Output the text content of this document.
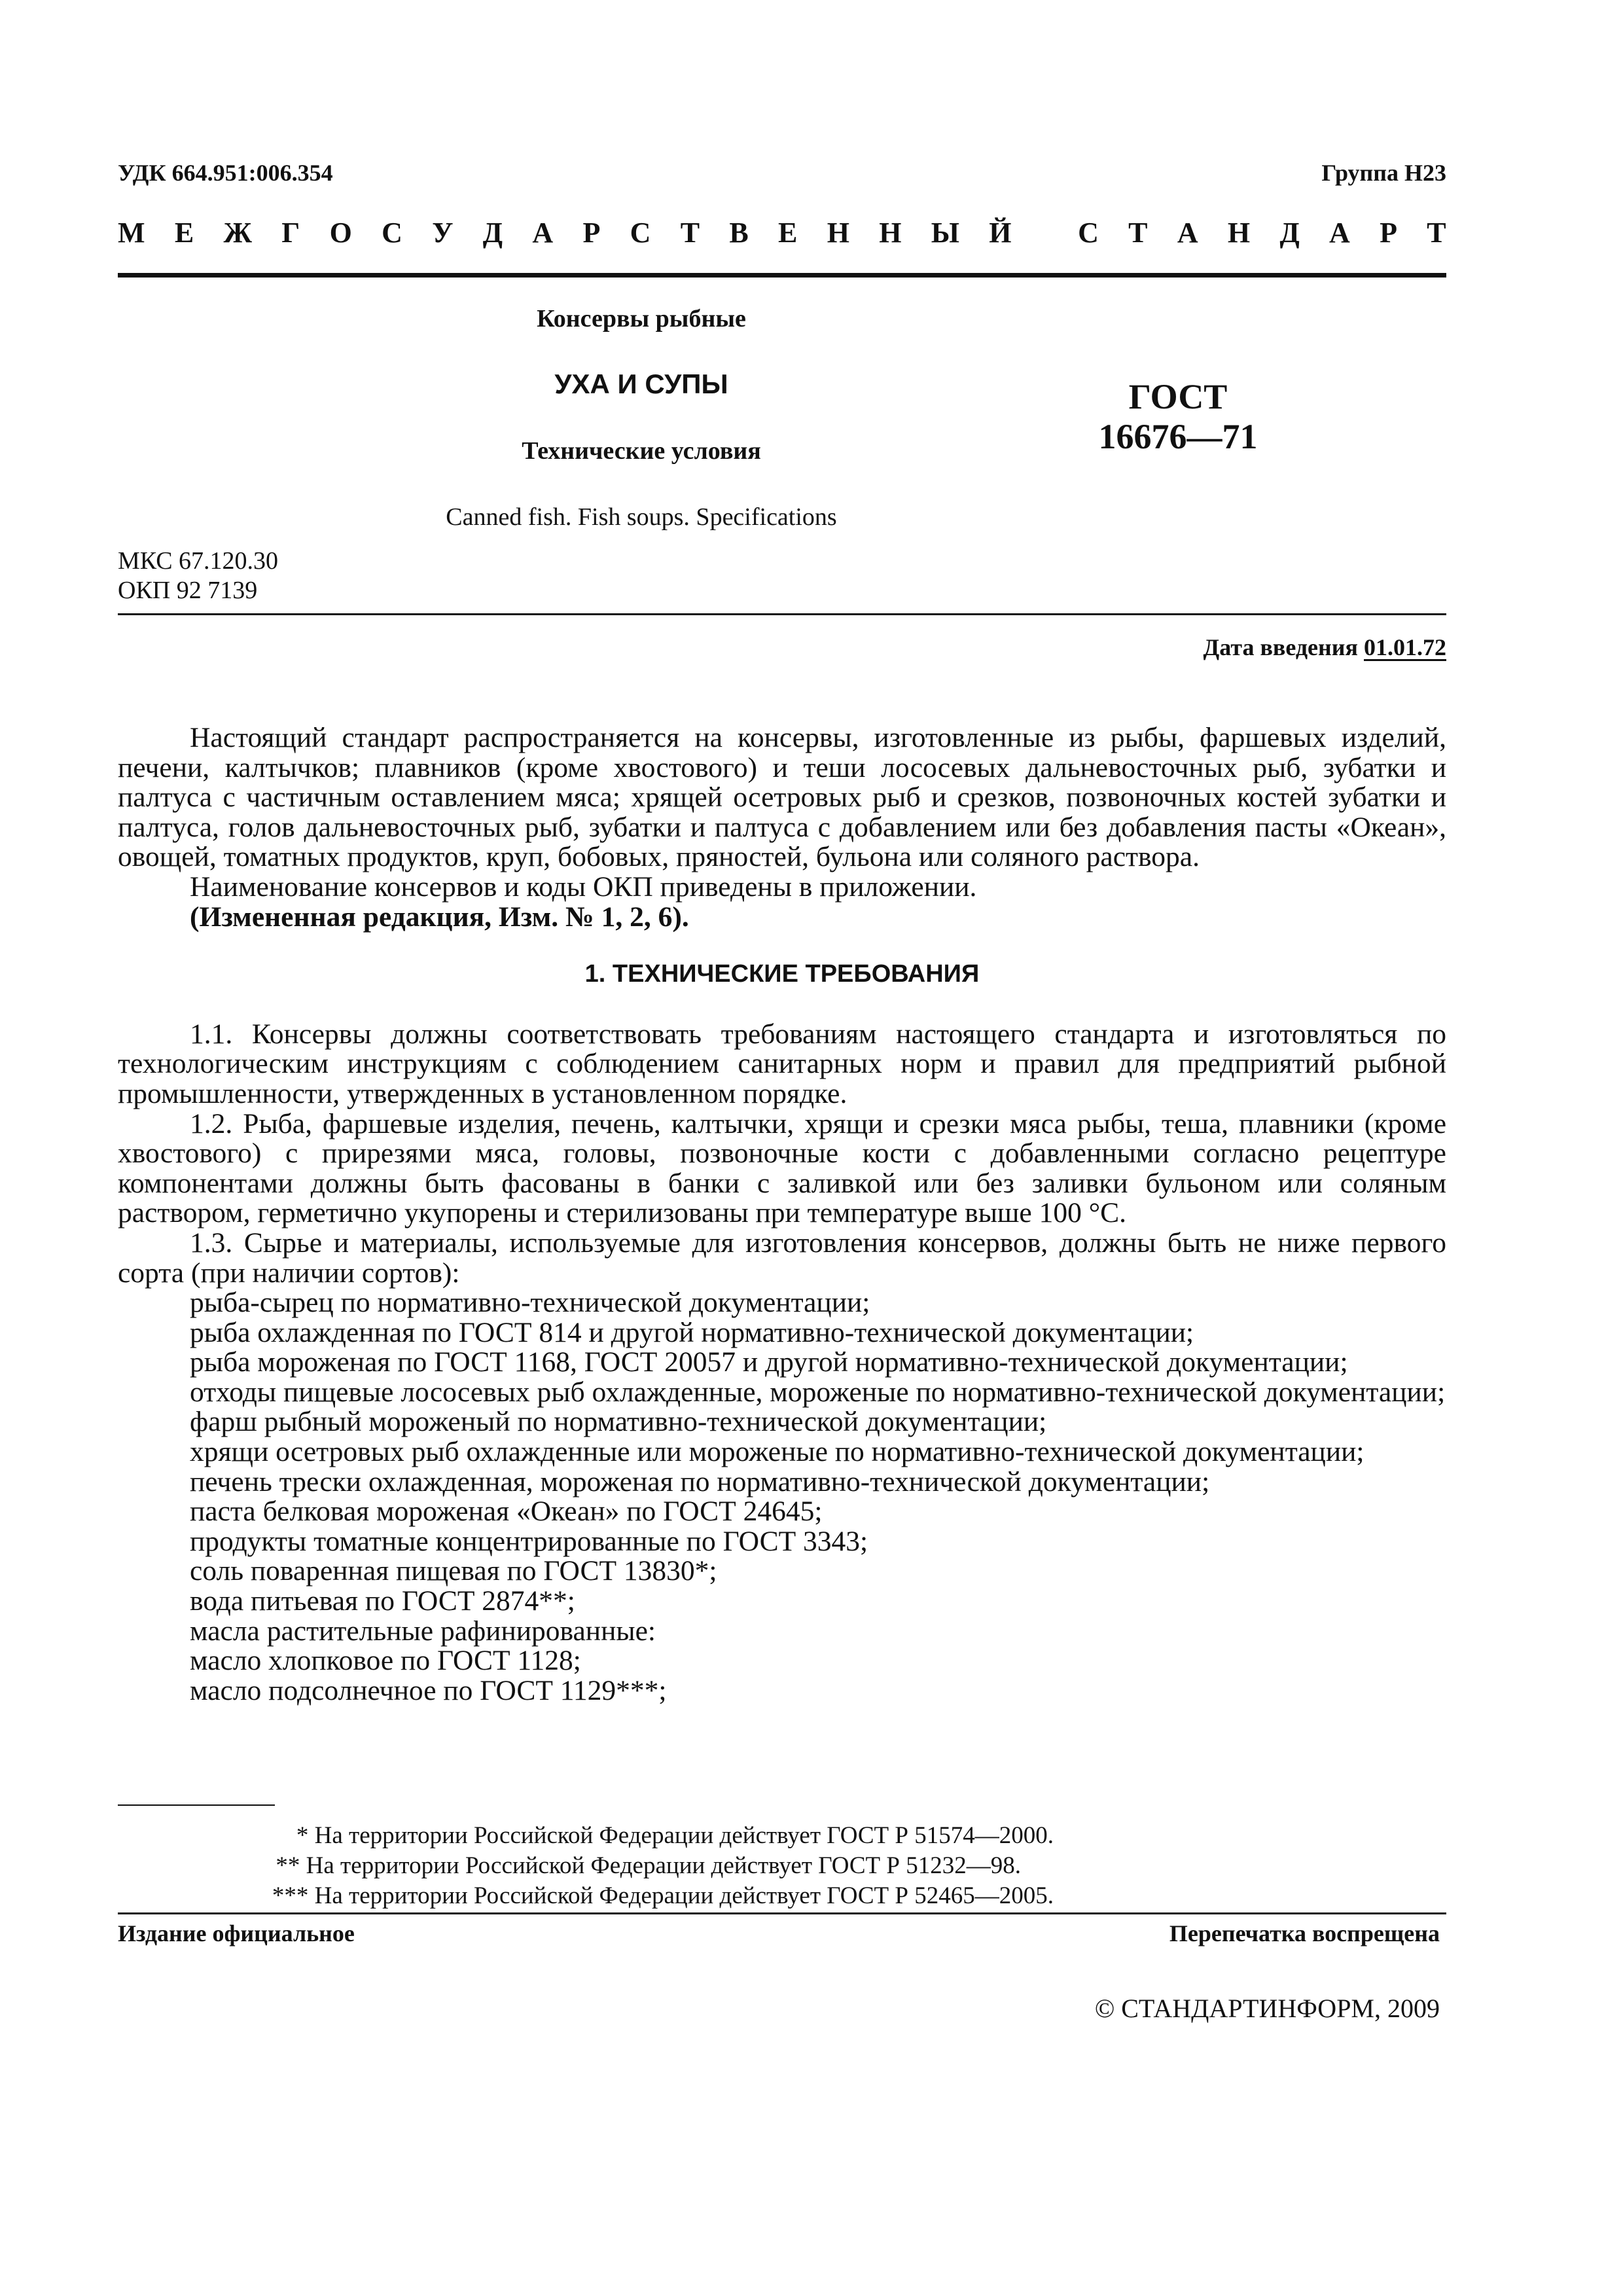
УДК 664.951:006.354	Группа Н23
М Е Ж Г О С У Д А Р С Т В Е Н Н Ы Й
С Т А Н Д А Р Т
Консервы рыбные
УХА И СУПЫ
Технические условия
Canned fish. Fish soups. Specifications
ГОСТ
16676—71
МКС 67.120.30
ОКП 92 7139
Дата введения 01.01.72

Настоящий стандарт распространяется на консервы, изготовленные из рыбы, фаршевых изделий, печени, калтычков; плавников (кроме хвостового) и теши лососевых дальневосточных рыб, зубатки и палтуса с частичным оставлением мяса; хрящей осетровых рыб и срезков, позвоночных костей зубатки и палтуса, голов дальневосточных рыб, зубатки и палтуса с добавлением или без добавления пасты «Океан», овощей, томатных продуктов, круп, бобовых, пряностей, бульона или соляного раствора.

Наименование консервов и коды ОКП приведены в приложении.

(Измененная редакция, Изм. № 1, 2, 6).

1. ТЕХНИЧЕСКИЕ ТРЕБОВАНИЯ

1.1. Консервы должны соответствовать требованиям настоящего стандарта и изготовляться по технологическим инструкциям с соблюдением санитарных норм и правил для предприятий рыбной промышленности, утвержденных в установленном порядке.

1.2. Рыба, фаршевые изделия, печень, калтычки, хрящи и срезки мяса рыбы, теша, плавники (кроме хвостового) с прирезями мяса, головы, позвоночные кости с добавленными согласно рецептуре компонентами должны быть фасованы в банки с заливкой или без заливки бульоном или соляным раствором, герметично укупорены и стерилизованы при температуре выше 100 °С.

1.3. Сырье и материалы, используемые для изготовления консервов, должны быть не ниже первого сорта (при наличии сортов):

рыба-сырец по нормативно-технической документации;

рыба охлажденная по ГОСТ 814 и другой нормативно-технической документации;

рыба мороженая по ГОСТ 1168, ГОСТ 20057 и другой нормативно-технической документации;

отходы пищевые лососевых рыб охлажденные, мороженые по нормативно-технической документации;

фарш рыбный мороженый по нормативно-технической документации;

хрящи осетровых рыб охлажденные или мороженые по нормативно-технической документации;

печень трески охлажденная, мороженая по нормативно-технической документации;

паста белковая мороженая «Океан» по ГОСТ 24645;

продукты томатные концентрированные по ГОСТ 3343;

соль поваренная пищевая по ГОСТ 13830*;

вода питьевая по ГОСТ 2874**;

масла растительные рафинированные:

масло хлопковое по ГОСТ 1128;

масло подсолнечное по ГОСТ 1129***;

* На территории Российской Федерации действует ГОСТ Р 51574—2000.
** На территории Российской Федерации действует ГОСТ Р 51232—98.
*** На территории Российской Федерации действует ГОСТ Р 52465—2005.
Издание официальное	Перепечатка воспрещена
© СТАНДАРТИНФОРМ, 2009
